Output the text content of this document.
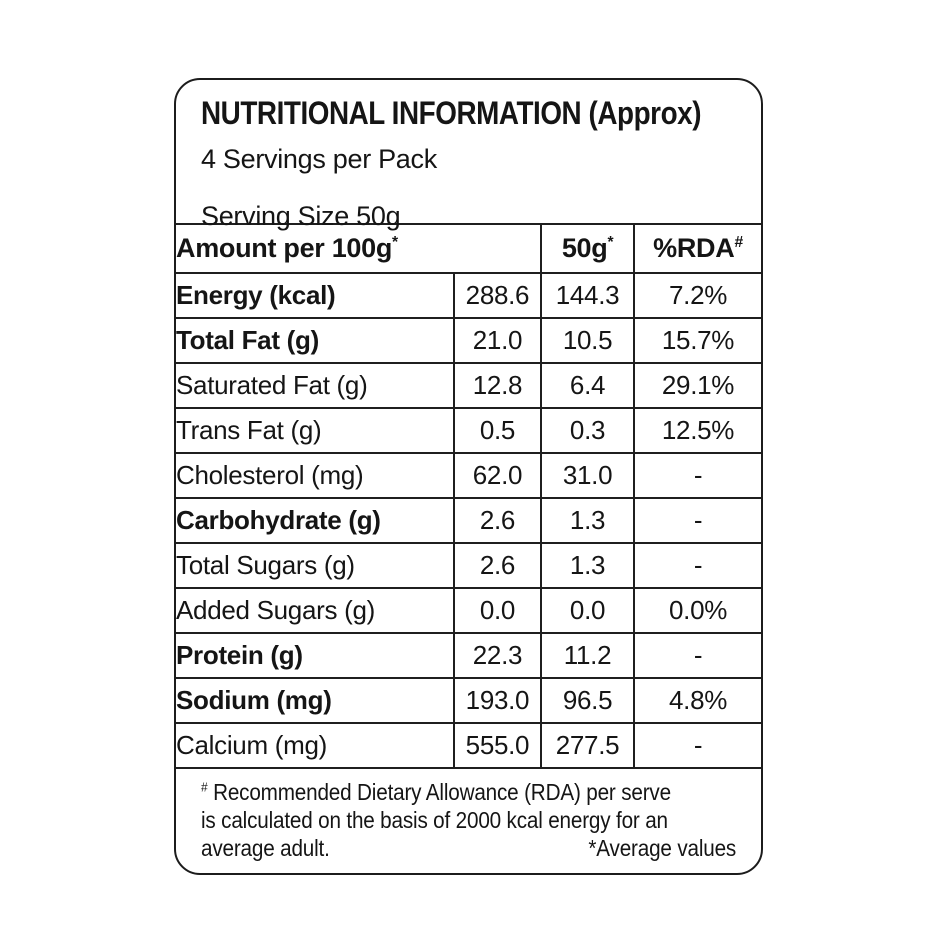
NUTRITIONAL INFORMATION (Approx)
4 Servings per Pack
Serving Size 50g
Amount per 100g*		50g*	%RDA#
Energy (kcal)	288.6	144.3	7.2%
Total Fat (g)	21.0	10.5	15.7%
Saturated Fat (g)	12.8	6.4	29.1%
Trans Fat (g)	0.5	0.3	12.5%
Cholesterol (mg)	62.0	31.0	-
Carbohydrate (g)	2.6	1.3	-
Total Sugars (g)	2.6	1.3	-
Added Sugars (g)	0.0	0.0	0.0%
Protein (g)	22.3	11.2	-
Sodium (mg)	193.0	96.5	4.8%
Calcium (mg)	555.0	277.5	-
# Recommended Dietary Allowance (RDA) per serve
is calculated on the basis of 2000 kcal energy for an
average adult.	*Average values
